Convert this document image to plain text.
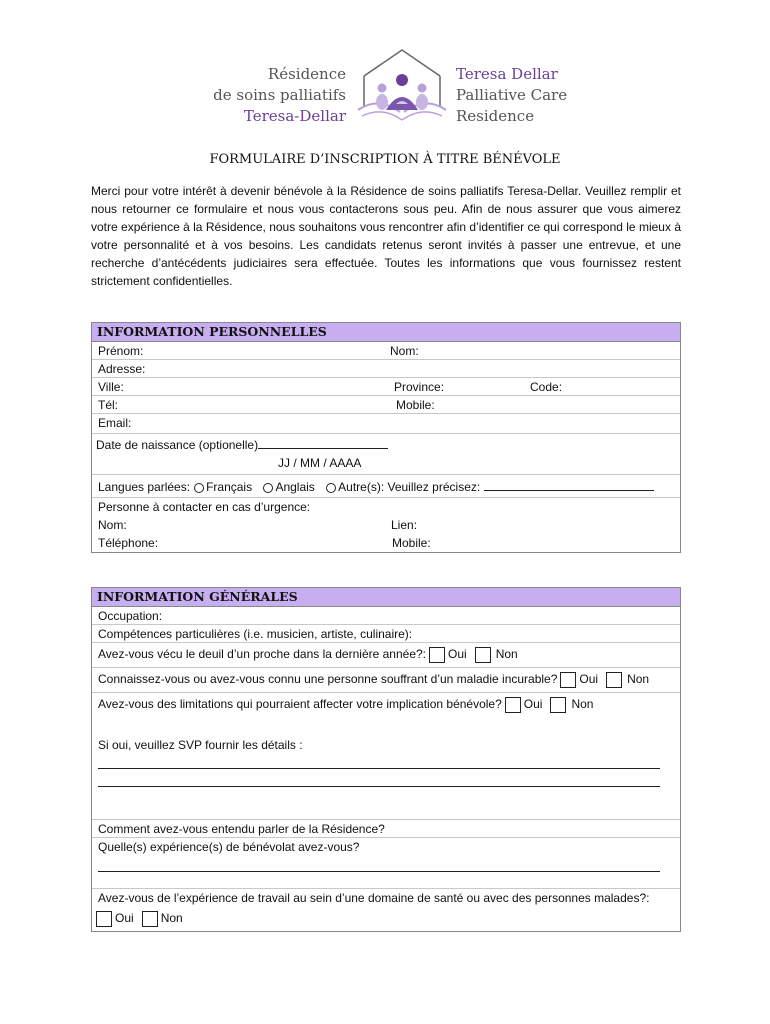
Résidence
de soins palliatifs
Teresa-Dellar
Teresa Dellar
Palliative Care
Residence
FORMULAIRE D’INSCRIPTION À TITRE BÉNÉVOLE

Merci pour votre intérêt à devenir bénévole à la Résidence de soins palliatifs Teresa-Dellar. Veuillez remplir et nous retourner ce formulaire et nous vous contacterons sous peu. Afin de nous assurer que vous aimerez votre expérience à la Résidence, nous souhaitons vous rencontrer afin d’identifier ce qui correspond le mieux à votre personnalité et à vos besoins. Les candidats retenus seront invités à passer une entrevue, et une recherche d’antécédents judiciaires sera effectuée. Toutes les informations que vous fournissez restent strictement confidentielles.

INFORMATION PERSONNELLES
Prénom:	Nom:
Adresse:
Ville:	Province:	Code:
Tél:	Mobile:
Email:
Date de naissance (optionelle)
JJ / MM / AAAA
Langues parlées: Français Anglais Autre(s): Veuillez précisez:
Personne à contacter en cas d’urgence:
Nom:	Lien:
Téléphone:	Mobile:
INFORMATION GÉNÉRALES
Occupation:
Compétences particulières (i.e. musicien, artiste, culinaire):
Avez-vous vécu le deuil d’un proche dans la dernière année?: Oui Non
Connaissez-vous ou avez-vous connu une personne souffrant d’un maladie incurable? Oui Non
Avez-vous des limitations qui pourraient affecter votre implication bénévole? Oui Non
Si oui, veuillez SVP fournir les détails :
Comment avez-vous entendu parler de la Résidence?
Quelle(s) expérience(s) de bénévolat avez-vous?
Avez-vous de l’expérience de travail au sein d’une domaine de santé ou avec des personnes malades?:
Oui Non
